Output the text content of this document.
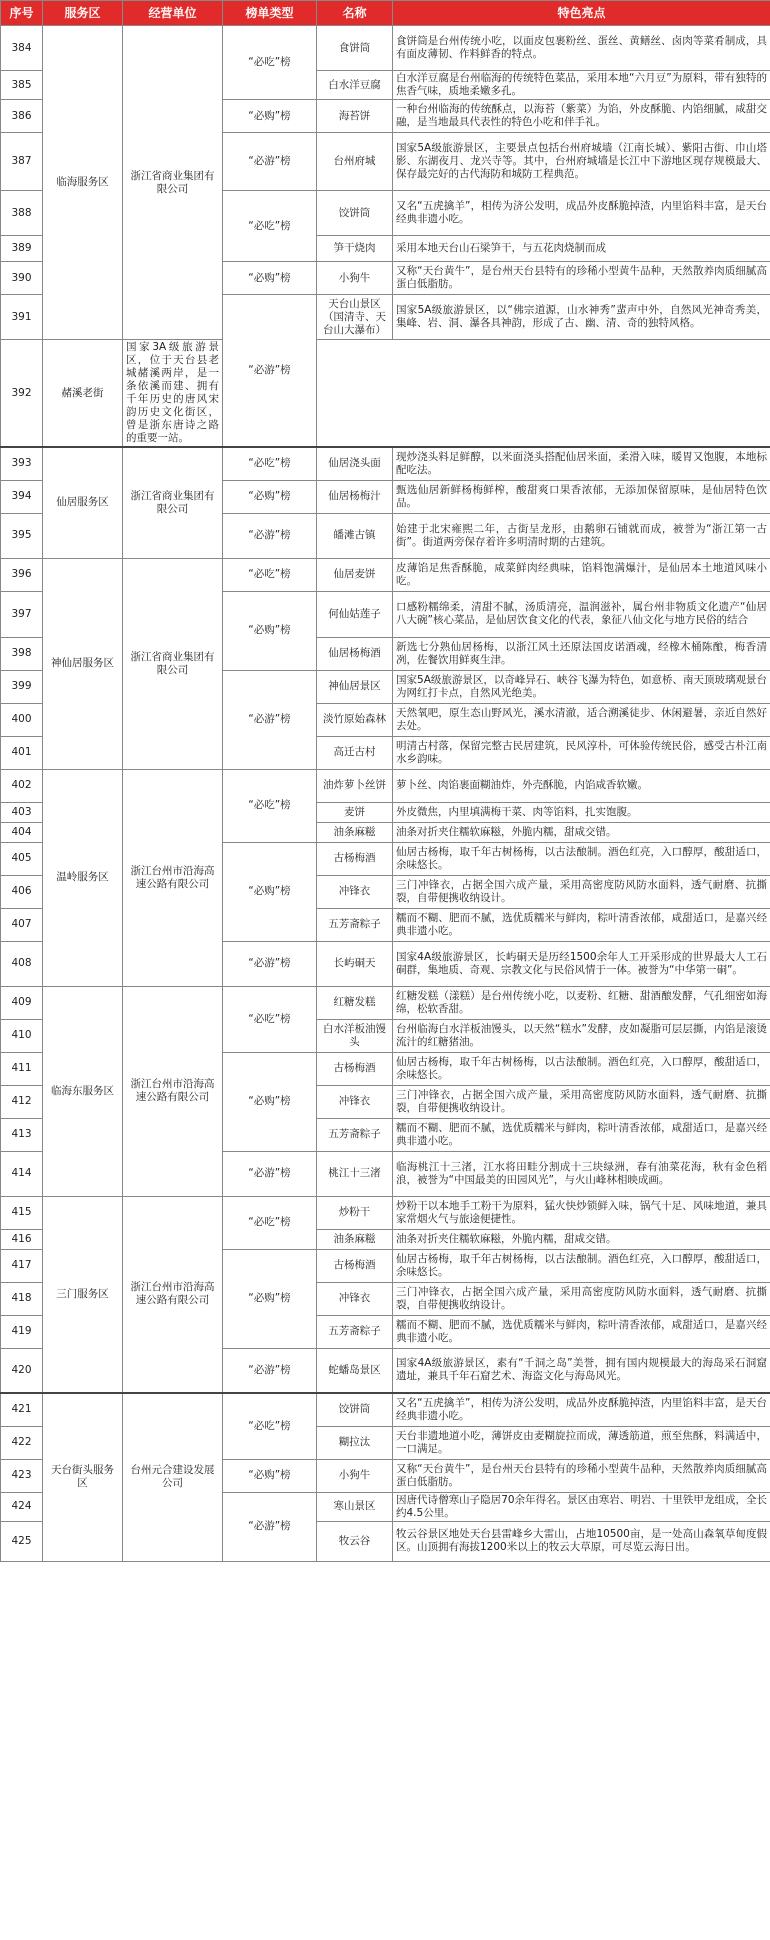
序号	服务区	经营单位	榜单类型	名称	特色亮点
384	临海服务区	浙江省商业集团有限公司	“必吃”榜	食饼筒	食饼筒是台州传统小吃，以面皮包裹粉丝、蛋丝、黄鳝丝、卤肉等菜肴制成，具有面皮薄韧、作料鲜香的特点。
385				白水洋豆腐	白水洋豆腐是台州临海的传统特色菜品，采用本地“六月豆”为原料，带有独特的焦香气味，质地柔嫩多孔。
386			“必购”榜	海苔饼	一种台州临海的传统酥点，以海苔（紫菜）为馅，外皮酥脆、内馅细腻，咸甜交融，是当地最具代表性的特色小吃和伴手礼。
387			“必游”榜	台州府城	国家5A级旅游景区，主要景点包括台州府城墙（江南长城）、紫阳古街、巾山塔影、东湖夜月、龙兴寺等。其中，台州府城墙是长江中下游地区现存规模最大、保存最完好的古代海防和城防工程典范。
388			“必吃”榜	饺饼筒	又名“五虎擒羊”，相传为济公发明，成品外皮酥脆掉渣，内里馅料丰富，是天台经典非遗小吃。
389				笋干烧肉	采用本地天台山石梁笋干，与五花肉烧制而成
390			“必购”榜	小狗牛	又称“天台黄牛”，是台州天台县特有的珍稀小型黄牛品种，天然散养肉质细腻高蛋白低脂肪。
391			“必游”榜	天台山景区（国清寺、天台山大瀑布）	国家5A级旅游景区，以“佛宗道源，山水神秀”蜚声中外，自然风光神奇秀美，集峰、岩、洞、瀑各具神韵，形成了古、幽、清、奇的独特风格。
392	赭溪老街	国家3A级旅游景区，位于天台县老城赭溪两岸，是一条依溪而建、拥有千年历史的唐风宋韵历史文化街区，曾是浙东唐诗之路的重要一站。			
393	仙居服务区	浙江省商业集团有限公司	“必吃”榜	仙居浇头面	现炒浇头料足鲜醇，以米面浇头搭配仙居米面，柔滑入味，暖胃又饱腹，本地标配吃法。
394			“必购”榜	仙居杨梅汁	甄选仙居新鲜杨梅鲜榨，酸甜爽口果香浓郁，无添加保留原味，是仙居特色饮品。
395			“必游”榜	皤滩古镇	始建于北宋雍熙二年，古街呈龙形，由鹅卵石铺就而成，被誉为“浙江第一古街”。街道两旁保存着许多明清时期的古建筑。
396	神仙居服务区	浙江省商业集团有限公司	“必吃”榜	仙居麦饼	皮薄馅足焦香酥脆，咸菜鲜肉经典味，馅料饱满爆汁，是仙居本土地道风味小吃。
397			“必购”榜	何仙姑莲子	口感粉糯绵柔，清甜不腻，汤质清亮，温润滋补，属台州非物质文化遗产“仙居八大碗”核心菜品，是仙居饮食文化的代表，象征八仙文化与地方民俗的结合
398				仙居杨梅酒	新选七分熟仙居杨梅，以浙江风土还原法国皮诺酒魂，经橡木桶陈酿，梅香清冽，佐餐饮用鲜爽生津。
399			“必游”榜	神仙居景区	国家5A级旅游景区，以奇峰异石、峡谷飞瀑为特色，如意桥、南天顶玻璃观景台为网红打卡点，自然风光绝美。
400				淡竹原始森林	天然氧吧，原生态山野风光，溪水清澈，适合溯溪徒步、休闲避暑，亲近自然好去处。
401				高迁古村	明清古村落，保留完整古民居建筑，民风淳朴，可体验传统民俗，感受古朴江南水乡韵味。
402	温岭服务区	浙江台州市沿海高速公路有限公司	“必吃”榜	油炸萝卜丝饼	萝卜丝、肉馅裹面糊油炸，外壳酥脆，内馅咸香软嫩。
403				麦饼	外皮微焦，内里填满梅干菜、肉等馅料，扎实饱腹。
404				油条麻糍	油条对折夹住糯软麻糍，外脆内糯，甜咸交错。
405			“必购”榜	古杨梅酒	仙居古杨梅，取千年古树杨梅，以古法酿制。酒色红亮，入口醇厚，酸甜适口，余味悠长。
406				冲锋衣	三门冲锋衣，占据全国六成产量，采用高密度防风防水面料，透气耐磨、抗撕裂，自带便携收纳设计。
407				五芳斋粽子	糯而不糊、肥而不腻，选优质糯米与鲜肉，粽叶清香浓郁，咸甜适口，是嘉兴经典非遗小吃。
408			“必游”榜	长屿硐天	国家4A级旅游景区，长屿硐天是历经1500余年人工开采形成的世界最大人工石硐群，集地质、奇观、宗教文化与民俗风情于一体。被誉为“中华第一硐”。
409	临海东服务区	浙江台州市沿海高速公路有限公司	“必吃”榜	红糖发糕	红糖发糕（漾糕）是台州传统小吃，以麦粉、红糖、甜酒酿发酵，气孔细密如海绵，松软香甜。
410				白水洋板油馒头	台州临海白水洋板油馒头，以天然“糕水”发酵，皮如凝脂可层层撕，内馅是滚烫流汁的红糖猪油。
411			“必购”榜	古杨梅酒	仙居古杨梅，取千年古树杨梅，以古法酿制。酒色红亮，入口醇厚，酸甜适口，余味悠长。
412				冲锋衣	三门冲锋衣，占据全国六成产量，采用高密度防风防水面料，透气耐磨、抗撕裂，自带便携收纳设计。
413				五芳斋粽子	糯而不糊、肥而不腻，选优质糯米与鲜肉，粽叶清香浓郁，咸甜适口，是嘉兴经典非遗小吃。
414			“必游”榜	桃江十三渚	临海桃江十三渚，江水将田畦分割成十三块绿洲，春有油菜花海，秋有金色稻浪，被誉为“中国最美的田园风光”，与火山峰林相映成画。
415	三门服务区	浙江台州市沿海高速公路有限公司	“必吃”榜	炒粉干	炒粉干以本地手工粉干为原料，猛火快炒锁鲜入味，锅气十足、风味地道，兼具家常烟火气与旅途便捷性。
416				油条麻糍	油条对折夹住糯软麻糍，外脆内糯，甜咸交错。
417			“必购”榜	古杨梅酒	仙居古杨梅，取千年古树杨梅，以古法酿制。酒色红亮，入口醇厚，酸甜适口，余味悠长。
418				冲锋衣	三门冲锋衣，占据全国六成产量，采用高密度防风防水面料，透气耐磨、抗撕裂，自带便携收纳设计。
419				五芳斋粽子	糯而不糊、肥而不腻，选优质糯米与鲜肉，粽叶清香浓郁，咸甜适口，是嘉兴经典非遗小吃。
420			“必游”榜	蛇蟠岛景区	国家4A级旅游景区，素有“千洞之岛”美誉，拥有国内规模最大的海岛采石洞窟遗址，兼具千年石窟艺术、海盗文化与海岛风光。
421	天台街头服务区	台州元合建设发展公司	“必吃”榜	饺饼筒	又名“五虎擒羊”，相传为济公发明，成品外皮酥脆掉渣，内里馅料丰富，是天台经典非遗小吃。
422				糊拉汰	天台非遗地道小吃，薄饼皮由麦糊旋拉而成，薄透筋道，煎至焦酥，料满适中，一口满足。
423			“必购”榜	小狗牛	又称“天台黄牛”，是台州天台县特有的珍稀小型黄牛品种，天然散养肉质细腻高蛋白低脂肪。
424			“必游”榜	寒山景区	因唐代诗僧寒山子隐居70余年得名。景区由寒岩、明岩、十里铁甲龙组成，全长约4.5公里。
425				牧云谷	牧云谷景区地处天台县雷峰乡大雷山，占地10500亩，是一处高山森氧草甸度假区。山顶拥有海拔1200米以上的牧云大草原，可尽览云海日出。
